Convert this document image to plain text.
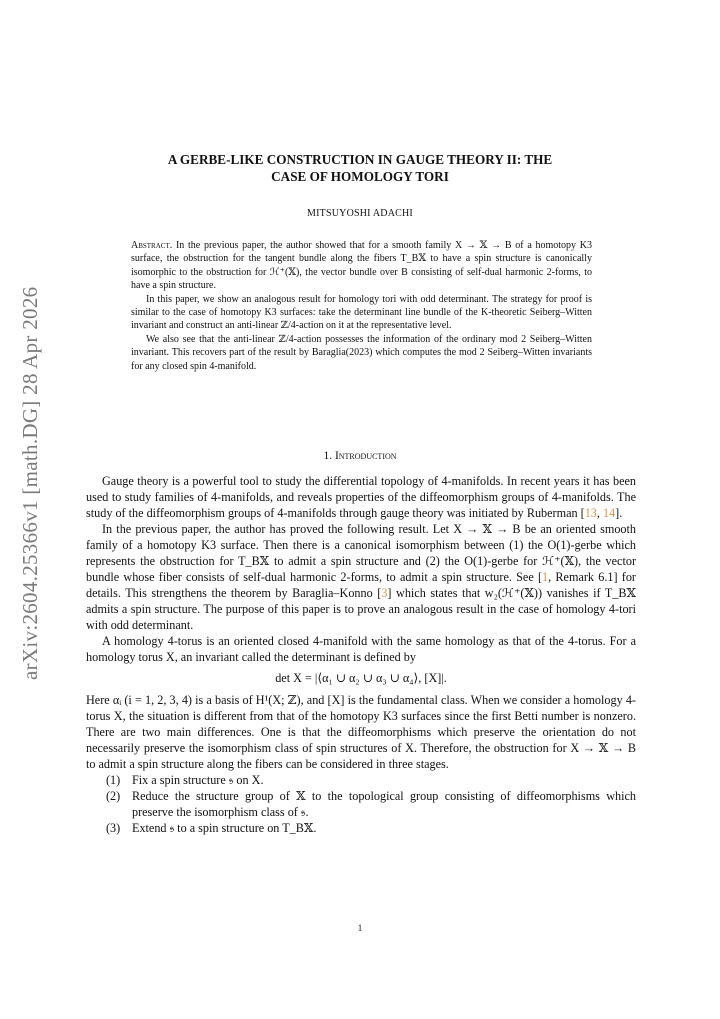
arXiv:2604.25366v1 [math.DG] 28 Apr 2026
A GERBE-LIKE CONSTRUCTION IN GAUGE THEORY II: THE
CASE OF HOMOLOGY TORI
MITSUYOSHI ADACHI

Abstract. In the previous paper, the author showed that for a smooth family X → 𝕏 → B of a homotopy K3 surface, the obstruction for the tangent bundle along the fibers T_B𝕏 to have a spin structure is canonically isomorphic to the obstruction for ℋ⁺(𝕏), the vector bundle over B consisting of self-dual harmonic 2-forms, to have a spin structure.

In this paper, we show an analogous result for homology tori with odd determinant. The strategy for proof is similar to the case of homotopy K3 surfaces: take the determinant line bundle of the K-theoretic Seiberg–Witten invariant and construct an anti-linear ℤ/4-action on it at the representative level.

We also see that the anti-linear ℤ/4-action possesses the information of the ordinary mod 2 Seiberg–Witten invariant. This recovers part of the result by Baraglia(2023) which computes the mod 2 Seiberg–Witten invariants for any closed spin 4-manifold.

1. Introduction

Gauge theory is a powerful tool to study the differential topology of 4-manifolds. In recent years it has been used to study families of 4-manifolds, and reveals properties of the diffeomorphism groups of 4-manifolds. The study of the diffeomorphism groups of 4-manifolds through gauge theory was initiated by Ruberman [13, 14].

In the previous paper, the author has proved the following result. Let X → 𝕏 → B be an oriented smooth family of a homotopy K3 surface. Then there is a canonical isomorphism between (1) the O(1)-gerbe which represents the obstruction for T_B𝕏 to admit a spin structure and (2) the O(1)-gerbe for ℋ⁺(𝕏), the vector bundle whose fiber consists of self-dual harmonic 2-forms, to admit a spin structure. See [1, Remark 6.1] for details. This strengthens the theorem by Baraglia–Konno [3] which states that w₂(ℋ⁺(𝕏)) vanishes if T_B𝕏 admits a spin structure. The purpose of this paper is to prove an analogous result in the case of homology 4-tori with odd determinant.

A homology 4-torus is an oriented closed 4-manifold with the same homology as that of the 4-torus. For a homology torus X, an invariant called the determinant is defined by

det X = |⟨α₁ ∪ α₂ ∪ α₃ ∪ α₄⟩, [X]|.

Here αᵢ (i = 1, 2, 3, 4) is a basis of H¹(X; ℤ), and [X] is the fundamental class. When we consider a homology 4-torus X, the situation is different from that of the homotopy K3 surfaces since the first Betti number is nonzero. There are two main differences. One is that the diffeomorphisms which preserve the orientation do not necessarily preserve the isomorphism class of spin structures of X. Therefore, the obstruction for X → 𝕏 → B to admit a spin structure along the fibers can be considered in three stages.

(1) Fix a spin structure 𝔰 on X.
(2) Reduce the structure group of 𝕏 to the topological group consisting of diffeomorphisms which preserve the isomorphism class of 𝔰.
(3) Extend 𝔰 to a spin structure on T_B𝕏.
1
